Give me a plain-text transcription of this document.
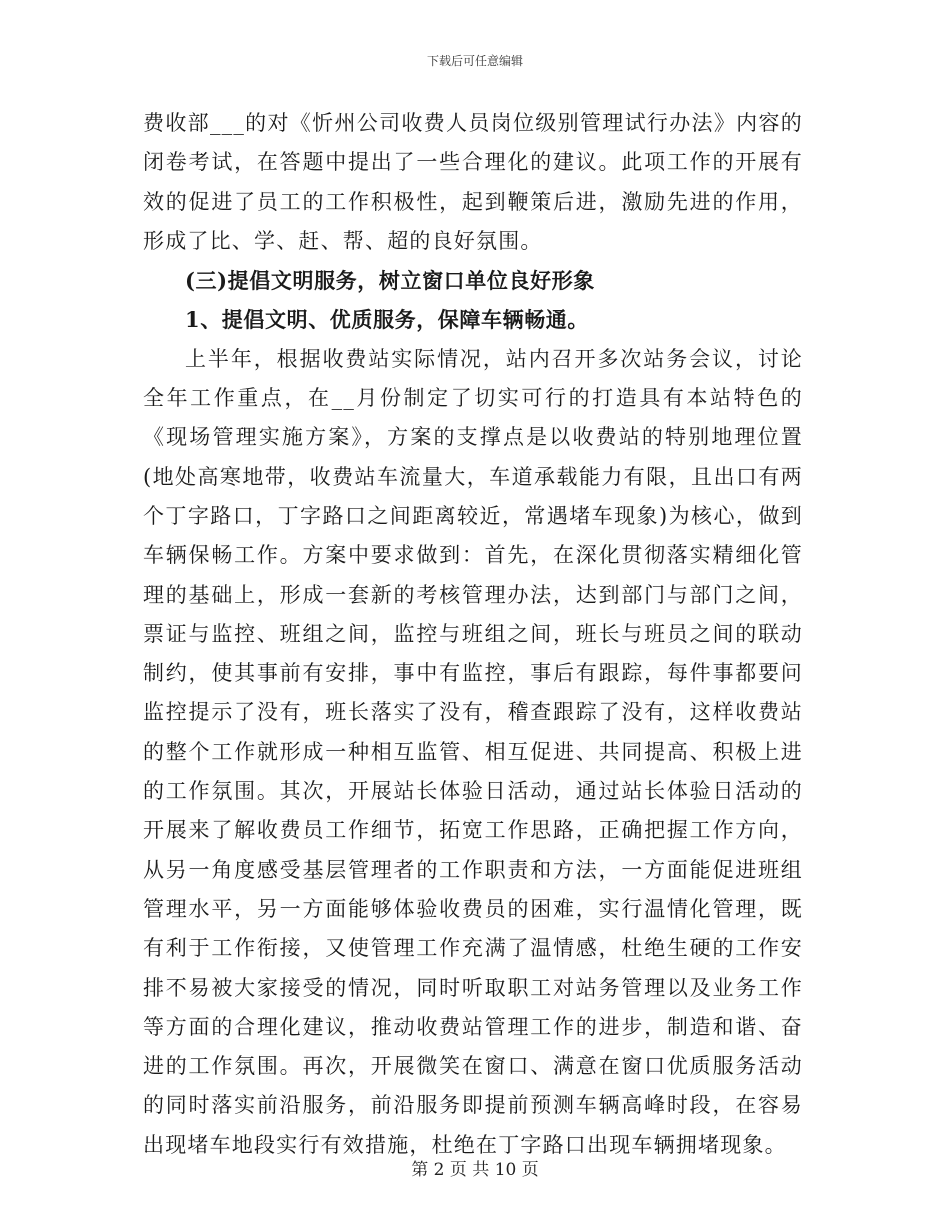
下载后可任意编辑

费收部___的对《忻州公司收费人员岗位级别管理试行办法》内容的闭卷考试，在答题中提出了一些合理化的建议。此项工作的开展有效的促进了员工的工作积极性，起到鞭策后进，激励先进的作用，形成了比、学、赶、帮、超的良好氛围。

(三)提倡文明服务，树立窗口单位良好形象

1、提倡文明、优质服务，保障车辆畅通。

上半年，根据收费站实际情况，站内召开多次站务会议，讨论全年工作重点，在__月份制定了切实可行的打造具有本站特色的《现场管理实施方案》，方案的支撑点是以收费站的特别地理位置(地处高寒地带，收费站车流量大，车道承载能力有限，且出口有两个丁字路口，丁字路口之间距离较近，常遇堵车现象)为核心，做到车辆保畅工作。方案中要求做到：首先，在深化贯彻落实精细化管理的基础上，形成一套新的考核管理办法，达到部门与部门之间，票证与监控、班组之间，监控与班组之间，班长与班员之间的联动制约，使其事前有安排，事中有监控，事后有跟踪，每件事都要问监控提示了没有，班长落实了没有，稽查跟踪了没有，这样收费站的整个工作就形成一种相互监管、相互促进、共同提高、积极上进的工作氛围。其次，开展站长体验日活动，通过站长体验日活动的开展来了解收费员工作细节，拓宽工作思路，正确把握工作方向，从另一角度感受基层管理者的工作职责和方法，一方面能促进班组管理水平，另一方面能够体验收费员的困难，实行温情化管理，既有利于工作衔接，又使管理工作充满了温情感，杜绝生硬的工作安排不易被大家接受的情况，同时听取职工对站务管理以及业务工作等方面的合理化建议，推动收费站管理工作的进步，制造和谐、奋进的工作氛围。再次，开展微笑在窗口、满意在窗口优质服务活动的同时落实前沿服务，前沿服务即提前预测车辆高峰时段，在容易出现堵车地段实行有效措施，杜绝在丁字路口出现车辆拥堵现象。

第 2 页 共 10 页
